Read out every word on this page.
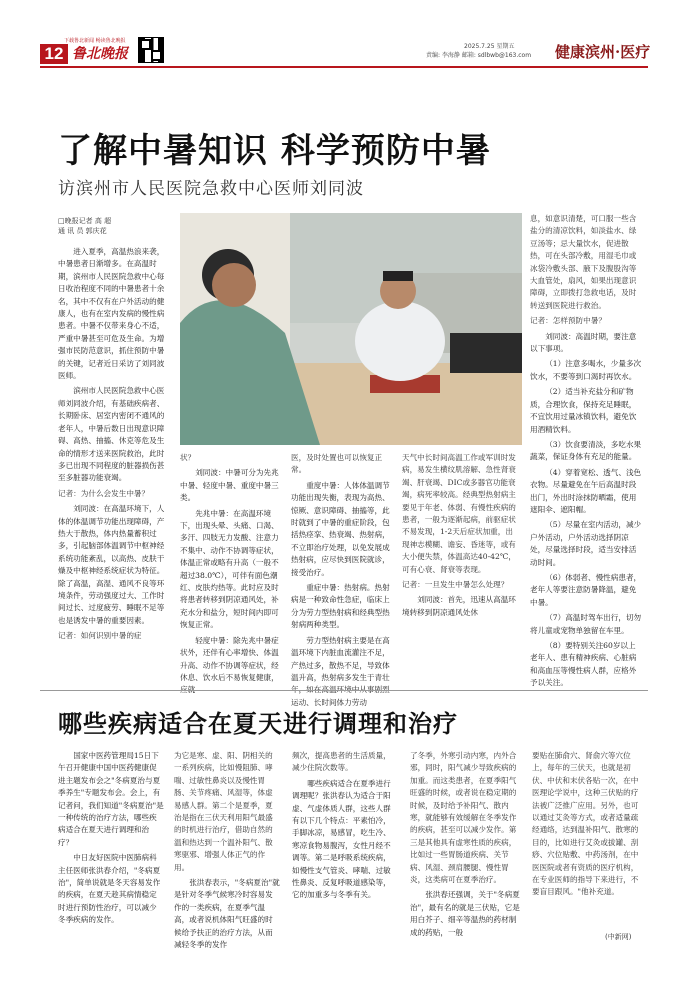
下载鲁北新闻 畅读鲁北晚报
12 鲁北晚报	2025.7.25 星期五
责编: 李海静 邮箱: sdlbwb@163.com 健康滨州·医疗
了解中暑知识 科学预防中暑
访滨州市人民医院急救中心医师刘同波
□晚报记者 高 超
通 讯 员 郭庆花

进入夏季，高温热浪来袭，中暑患者日渐增多。在高温时期，滨州市人民医院急救中心每日收治程度不同的中暑患者十余名，其中不仅有在户外活动的健康人，也有在室内发病的慢性病患者。中暑不仅带来身心不适，严重中暑甚至可危及生命。为增强市民防范意识，抓住预防中暑的关键，记者近日采访了刘同波医师。

滨州市人民医院急救中心医师刘同波介绍，有基础疾病者、长期卧床、居室内密闭不通风的老年人，中暑后数日出现意识障碍、高热、抽搐、休克等危及生命的情形才送来医院救治，此时多已出现不同程度的脏器损伤甚至多脏器功能衰竭。

记者：为什么会发生中暑？

刘同波：在高温环境下，人体的体温调节功能出现障碍，产热大于散热，体内热量蓄积过多，引起脑部体温调节中枢神经系统功能紊乱，以高热、皮肤干燥及中枢神经系统症状为特征。除了高温，高湿、通风不良等环境条件，劳动强度过大、工作时间过长、过度疲劳、睡眠不足等也是诱发中暑的重要因素。

记者：如何识别中暑的症

状？

刘同波：中暑可分为先兆中暑、轻度中暑、重度中暑三类。

先兆中暑：在高温环境下，出现头晕、头痛、口渴、多汗、四肢无力发酸、注意力不集中、动作不协调等症状，体温正常或略有升高（一般不超过38.0℃），可伴有面色潮红、皮肤灼热等。此时应及时将患者转移到阴凉通风处，补充水分和盐分，短时间内即可恢复正常。

轻度中暑：除先兆中暑症状外，还伴有心率增快、体温升高、动作不协调等症状，经休息、饮水后不易恢复健康，

医，及时处置也可以恢复正常。

重度中暑：人体体温调节功能出现失衡，表现为高热、惊厥、意识障碍、抽搐等，此时就到了中暑的重症阶段，包括热痉挛、热衰竭、热射病，不立即治疗处理，以免发展成热射病，应尽快到医院就诊，接受治疗。

重症中暑：热射病。热射病是一种致命性急症，临床上分为劳力型热射病和经典型热射病两种类型。

劳力型热射病主要是在高温环境下内脏血流灌注不足，产热过多，散热不足，导致体温升高，热射病多发生于青壮 运动、长时间体力劳动

天气中长时间高温工作或军训时发病，易发生横纹肌溶解、急性肾衰竭、肝衰竭、DIC或多器官功能衰竭，病死率较高。经典型热射病主要见于年老、体弱、有慢性疾病的患者，一般为逐渐起病，前驱症状不易发现，1-2天后症状加重，出现神志模糊、谵妄、昏迷等，或有大小便失禁，体温高达40-42℃，可有心衰、肾衰等表现。

记者：一旦发生中暑怎么处理？

刘同波：首先，迅速从高温环境转移到阴凉通风处休

息，如意识清楚，可口服一些含盐分的清凉饮料，如淡盐水、绿豆汤等；忌大量饮水，促进散热，可在头部冷敷，用湿毛巾或冰袋冷敷头部、腋下及腹股沟等大血管处，扇风，如果出现意识障碍，立即拨打急救电话，及时转送到医院进行救治。

记者：怎样预防中暑？

刘同波：高温时期，要注意以下事项。

（1）注意多喝水，少量多次饮水，不要等到口渴时再饮水。

（2）适当补充盐分和矿物质，合理饮食，保持充足睡眠，不宜饮用过量冰镇饮料，避免饮用酒精饮料。

（3）饮食要清淡，多吃水果蔬菜，保证身体有充足的能量。

（4）穿着宽松、透气、浅色衣物。尽量避免在午后高温时段出门，外出时涂抹防晒霜，使用遮阳伞、遮阳帽。

（5）尽量在室内活动，减少户外活动，户外活动选择阴凉处，尽量选择时段，适当安排活动时间。

（6）体弱者、慢性病患者，老年人等要注意防暑降温，避免中暑。

（7）高温时驾车出行，切勿将儿童或宠物单独留在车里。

（8）要特别关注60岁以上老年人、患有精神疾病、心脏病和高血压等慢性病人群，应格外予以关注。

哪些疾病适合在夏天进行调理和治疗

国家中医药管理局15日下午召开健康中国中医药健康促进主题发布会之"冬病夏治与夏季养生"专题发布会。会上，有记者问，我们知道"冬病夏治"是一种传统的治疗方法，哪些疾病适合在夏天进行调理和治疗？

中日友好医院中医肺病科主任医师张洪春介绍，"冬病夏治"，简单说就是冬天容易发作的疾病，在夏天趁其病情稳定时进行预防性治疗，可以减少冬季疾病的发作。

为它是寒、虚、阳、阴相关的一系列疾病，比如慢阻肺、哮喘、过敏性鼻炎以及慢性胃肠、关节疼痛、风湿等，体虚易感人群。第二个是夏季，夏治是指在三伏天利用阳气最盛的时机进行治疗，借助自然的温和热达到一个温补阳气、散寒驱邪、增强人体正气的作用。

张洪春表示，"冬病夏治"就是针对冬季气候寒冷时容易发作的一类疾病，在夏季气温高，或者说机体阳气旺盛的时候给予扶正的治疗方法，从而减轻冬季的发作

频次，提高患者的生活质量，减少住院次数等。

哪些疾病适合在夏季进行调理呢？张洪春认为适合于阳虚、气虚体质人群，这些人群有以下几个特点：平素怕冷，手脚冰凉，易感冒，吃生冷、寒凉食物易腹泻，女性月经不调等。第二是呼吸系统疾病，如慢性支气管炎、哮喘、过敏性鼻炎、反复呼吸道感染等，它的加重多与冬季有关。

了冬季，外寒引动内寒，内外合邪，同时，阳气减少导致疾病的加重。而这类患者，在夏季阳气旺盛的时候，或者说在稳定期的时候，及时给予补阳气、散内寒，就能够有效缓解在冬季发作的疾病，甚至可以减少发作。第三是其他具有虚寒性质的疾病，比如过一些胃肠道疾病、关节病、风湿、颈肩腰腿、慢性胃炎，这类病可在夏季治疗。

张洪春还强调，关于"冬病夏治"，最有名的就是三伏贴，它是用白芥子、细辛等温热的药材制成的药贴，一般

要贴在肺俞穴、肾俞穴等穴位上，每年的三伏天，也就是初伏、中伏和末伏各贴一次，在中医理论学说中，这种三伏贴的疗法被广泛推广应用。另外，也可以通过艾灸等方式，或者适量疏经通络，达到温补阳气、散寒的目的，比如进行艾灸或拔罐、刮痧、穴位贴敷、中药汤剂，在中医医院或者有资质的医疗机构，在专业医师的指导下来进行，不要盲目跟风。"他补充道。

(中新网)
